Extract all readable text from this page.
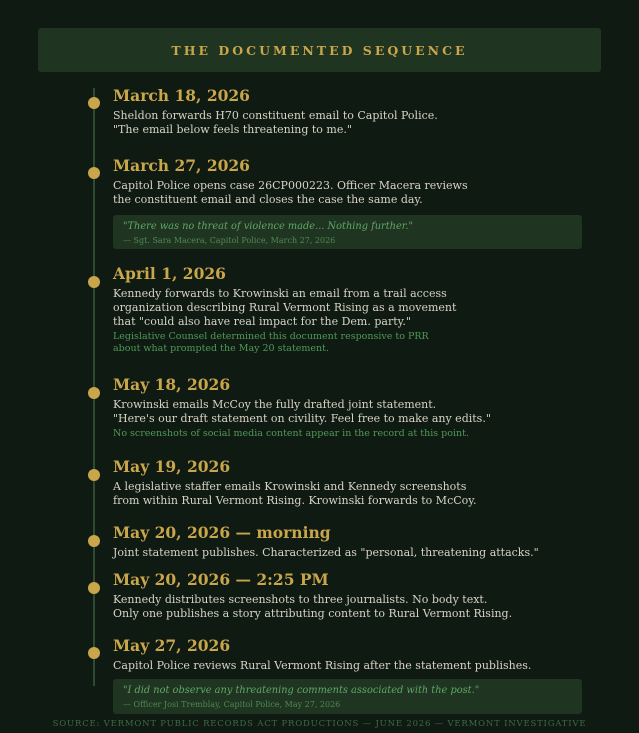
THE DOCUMENTED SEQUENCE
March 18, 2026
Sheldon forwards H70 constituent email to Capitol Police.
"The email below feels threatening to me."
March 27, 2026
Capitol Police opens case 26CP000223. Officer Macera reviews
the constituent email and closes the case the same day.
"There was no threat of violence made... Nothing further."
— Sgt. Sara Macera, Capitol Police, March 27, 2026
April 1, 2026
Kennedy forwards to Krowinski an email from a trail access
organization describing Rural Vermont Rising as a movement
that "could also have real impact for the Dem. party."
Legislative Counsel determined this document responsive to PRR
about what prompted the May 20 statement.
May 18, 2026
Krowinski emails McCoy the fully drafted joint statement.
"Here's our draft statement on civility. Feel free to make any edits."
No screenshots of social media content appear in the record at this point.
May 19, 2026
A legislative staffer emails Krowinski and Kennedy screenshots
from within Rural Vermont Rising. Krowinski forwards to McCoy.
May 20, 2026 — morning
Joint statement publishes. Characterized as "personal, threatening attacks."
May 20, 2026 — 2:25 PM
Kennedy distributes screenshots to three journalists. No body text.
Only one publishes a story attributing content to Rural Vermont Rising.
May 27, 2026
Capitol Police reviews Rural Vermont Rising after the statement publishes.
"I did not observe any threatening comments associated with the post."
— Officer Josi Tremblay, Capitol Police, May 27, 2026
SOURCE: VERMONT PUBLIC RECORDS ACT PRODUCTIONS — JUNE 2026 — VERMONT INVESTIGATIVE
